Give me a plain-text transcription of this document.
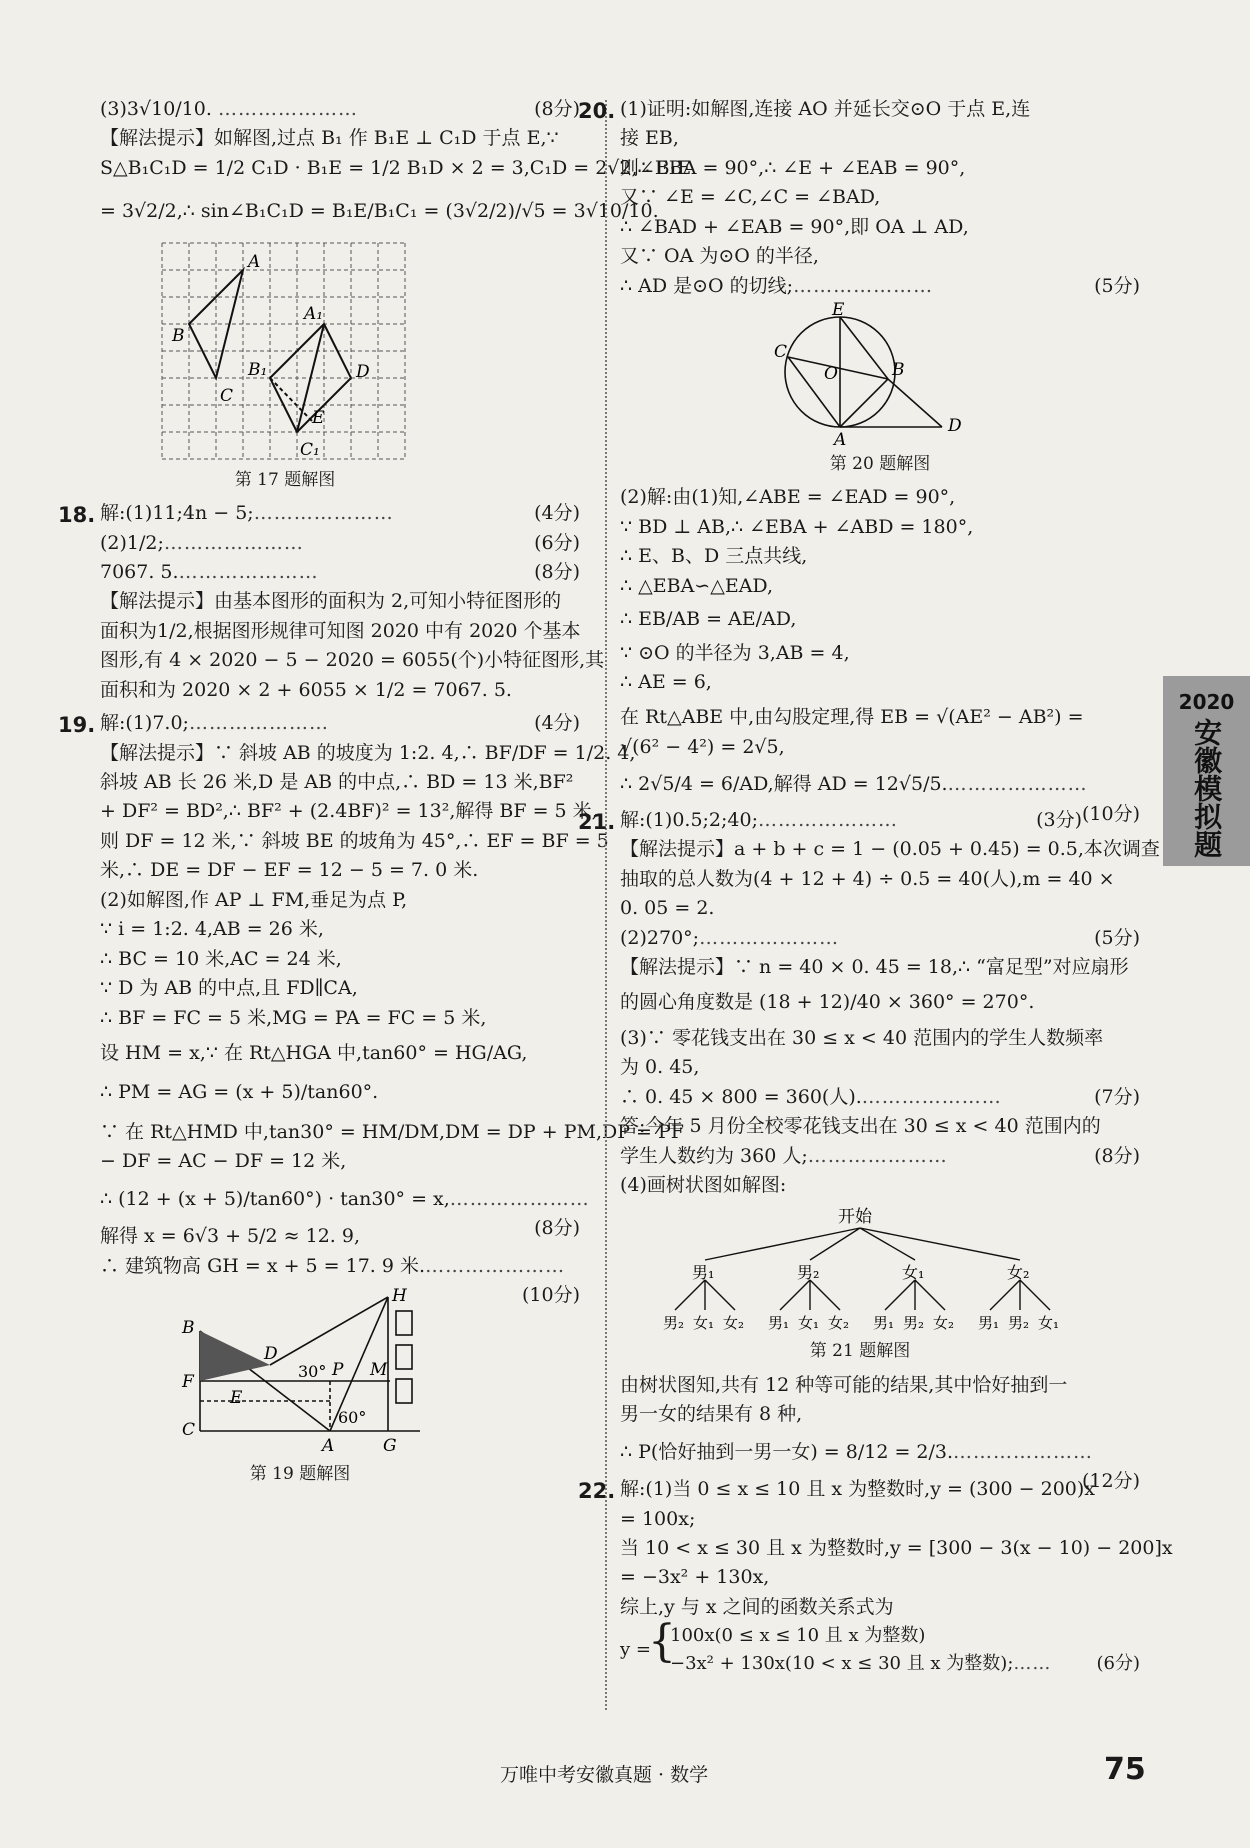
(3)3√10/10. …………………	(8分)
【解法提示】如解图,过点 B₁ 作 B₁E ⊥ C₁D 于点 E,∵
S△B₁C₁D = 1/2 C₁D · B₁E = 1/2 B₁D × 2 = 3,C₁D = 2√2,∴ B₁E
= 3√2/2,∴ sin∠B₁C₁D = B₁E/B₁C₁ = (3√2/2)/√5 = 3√10/10.
A
B
C
A₁
B₁	D
E
C₁
第 17 题解图
18. 解:(1)11;4n − 5;…………………	(4分)
(2)1/2;…………………	(6分)
7067. 5.…………………	(8分)
【解法提示】由基本图形的面积为 2,可知小特征图形的
面积为1/2,根据图形规律可知图 2020 中有 2020 个基本
图形,有 4 × 2020 − 5 − 2020 = 6055(个)小特征图形,其
面积和为 2020 × 2 + 6055 × 1/2 = 7067. 5.
19. 解:(1)7.0;…………………	(4分)
【解法提示】∵ 斜坡 AB 的坡度为 1:2. 4,∴ BF/DF = 1/2. 4,
斜坡 AB 长 26 米,D 是 AB 的中点,∴ BD = 13 米,BF²
+ DF² = BD²,∴ BF² + (2.4BF)² = 13²,解得 BF = 5 米,
则 DF = 12 米,∵ 斜坡 BE 的坡角为 45°,∴ EF = BF = 5
米,∴ DE = DF − EF = 12 − 5 = 7. 0 米.
(2)如解图,作 AP ⊥ FM,垂足为点 P,
∵ i = 1:2. 4,AB = 26 米,
∴ BC = 10 米,AC = 24 米,
∵ D 为 AB 的中点,且 FD∥CA,
∴ BF = FC = 5 米,MG = PA = FC = 5 米,
设 HM = x,∵ 在 Rt△HGA 中,tan60° = HG/AG,
∴ PM = AG = (x + 5)/tan60°.
∵ 在 Rt△HMD 中,tan30° = HM/DM,DM = DP + PM,DP = PF
− DF = AC − DF = 12 米,
∴ (12 + (x + 5)/tan60°) · tan30° = x,…………………
(8分)
解得 x = 6√3 + 5/2 ≈ 12. 9,
∴ 建筑物高 GH = x + 5 = 17. 9 米.…………………
(10分)
B
F
C
D
E
P M
A	G
H
30°
60°
第 19 题解图
20. (1)证明:如解图,连接 AO 并延长交⊙O 于点 E,连
接 EB,
则∠EBA = 90°,∴ ∠E + ∠EAB = 90°,
又∵ ∠E = ∠C,∠C = ∠BAD,
∴ ∠BAD + ∠EAB = 90°,即 OA ⊥ AD,
又∵ OA 为⊙O 的半径,
∴ AD 是⊙O 的切线;…………………	(5分)
E
C
O	B
A
D
第 20 题解图
(2)解:由(1)知,∠ABE = ∠EAD = 90°,
∵ BD ⊥ AB,∴ ∠EBA + ∠ABD = 180°,
∴ E、B、D 三点共线,
∴ △EBA∽△EAD,
∴ EB/AB = AE/AD,
∵ ⊙O 的半径为 3,AB = 4,
∴ AE = 6,
在 Rt△ABE 中,由勾股定理,得 EB = √(AE² − AB²) =
√(6² − 4²) = 2√5,
∴ 2√5/4 = 6/AD,解得 AD = 12√5/5.…………………
(10分)
21. 解:(1)0.5;2;40;…………………	(3分)
【解法提示】a + b + c = 1 − (0.05 + 0.45) = 0.5,本次调查
抽取的总人数为(4 + 12 + 4) ÷ 0.5 = 40(人),m = 40 ×
0. 05 = 2.
(2)270°;…………………	(5分)
【解法提示】∵ n = 40 × 0. 45 = 18,∴ “富足型”对应扇形
的圆心角度数是 (18 + 12)/40 × 360° = 270°.
(3)∵ 零花钱支出在 30 ≤ x < 40 范围内的学生人数频率
为 0. 45,
∴ 0. 45 × 800 = 360(人).…………………	(7分)
答:今年 5 月份全校零花钱支出在 30 ≤ x < 40 范围内的
学生人数约为 360 人;…………………	(8分)
(4)画树状图如解图:
开始
男₁	男₂	女₁	女₂
男₂ 女₁ 女₂ 男₁ 女₁ 女₂ 男₁ 男₂ 女₂ 男₁ 男₂ 女₁
第 21 题解图
由树状图知,共有 12 种等可能的结果,其中恰好抽到一
男一女的结果有 8 种,
∴ P(恰好抽到一男一女) = 8/12 = 2/3.…………………
(12分)
22. 解:(1)当 0 ≤ x ≤ 10 且 x 为整数时,y = (300 − 200)x
= 100x;
当 10 < x ≤ 30 且 x 为整数时,y = [300 − 3(x − 10) − 200]x
= −3x² + 130x,
综上,y 与 x 之间的函数关系式为
y =
{
100x(0 ≤ x ≤ 10 且 x 为整数)
−3x² + 130x(10 < x ≤ 30 且 x 为整数);……	(6分)
2020
安徽模拟题
万唯中考安徽真题 · 数学	75
